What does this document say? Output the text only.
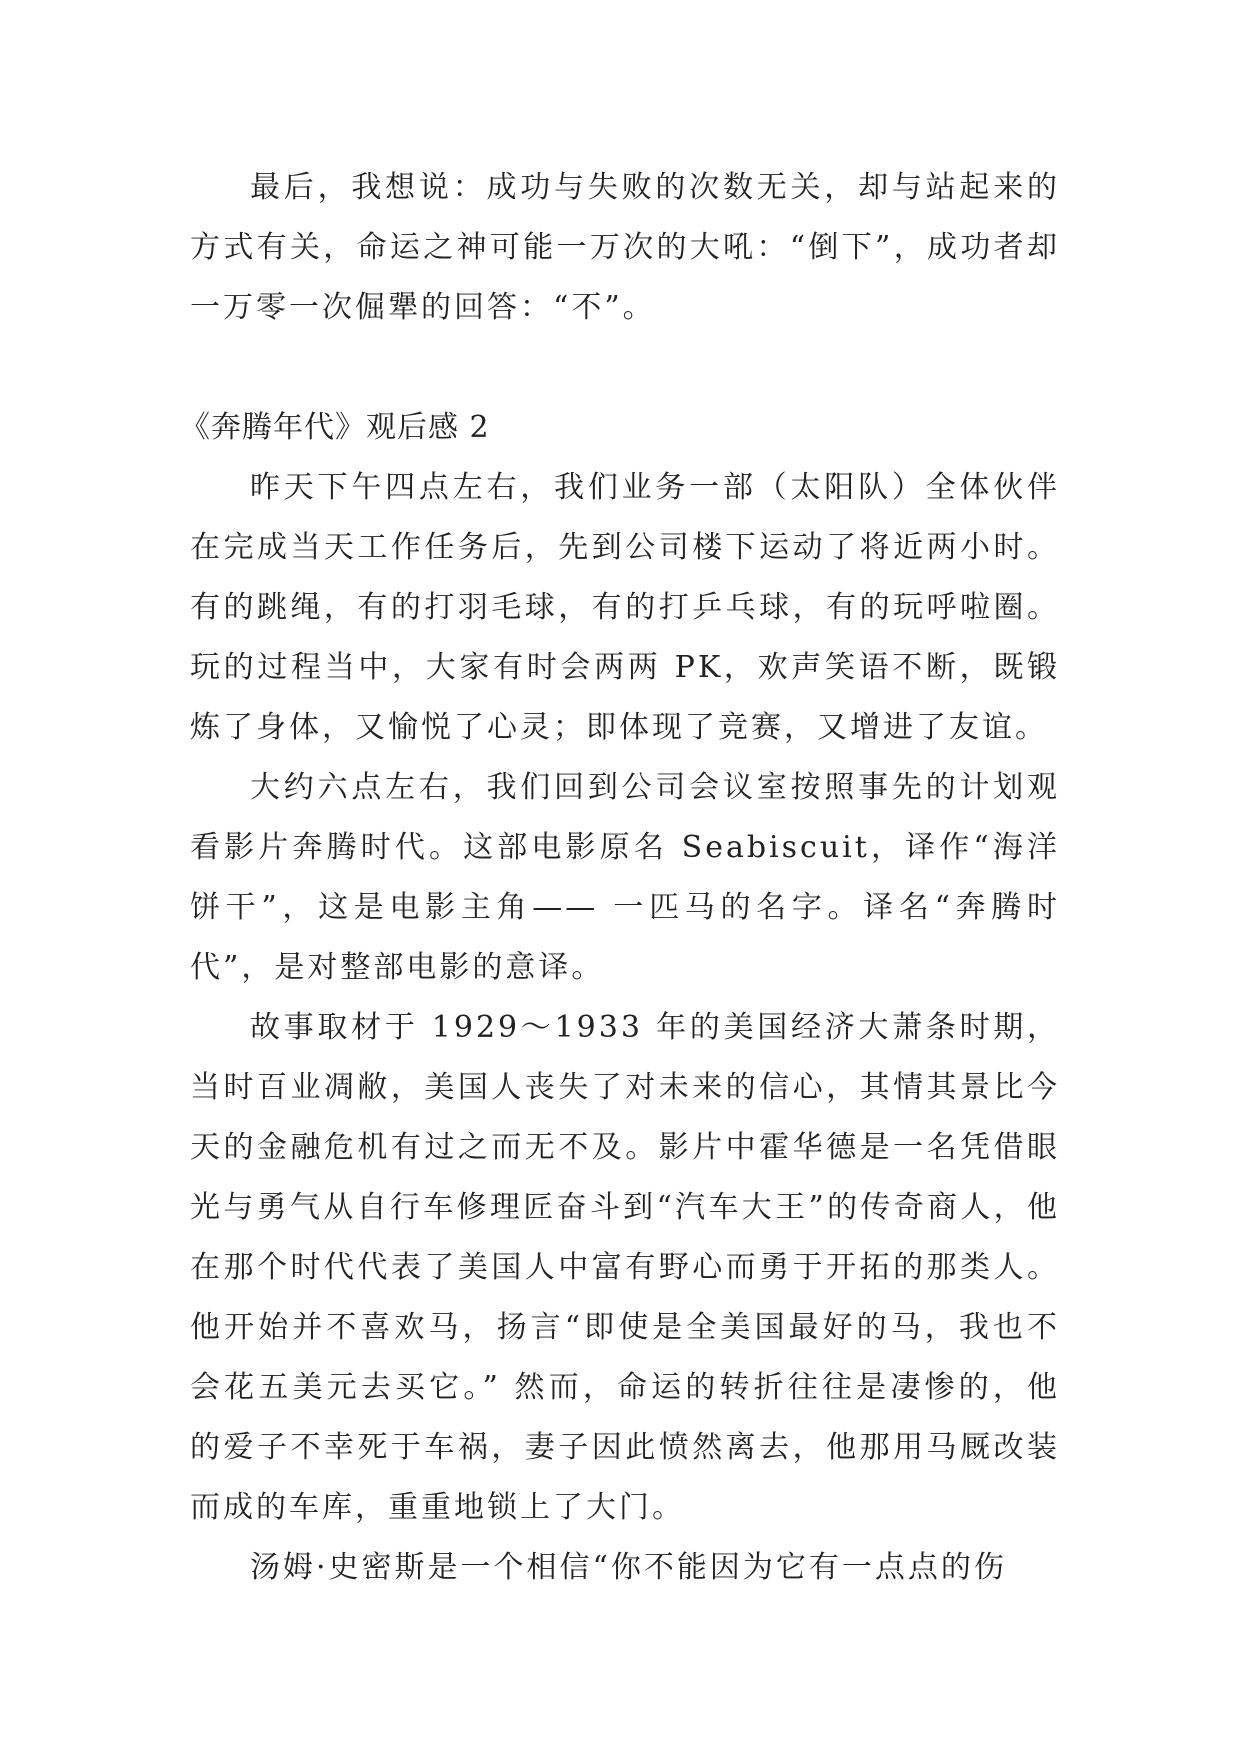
最后，我想说：成功与失败的次数无关，却与站起来的方式有关，命运之神可能一万次的大吼：“倒下”，成功者却一万零一次倔犟的回答：“不”。

《奔腾年代》观后感 2

昨天下午四点左右，我们业务一部（太阳队）全体伙伴在完成当天工作任务后，先到公司楼下运动了将近两小时。有的跳绳，有的打羽毛球，有的打乒乓球，有的玩呼啦圈。玩的过程当中，大家有时会两两 PK，欢声笑语不断，既锻炼了身体，又愉悦了心灵；即体现了竞赛，又增进了友谊。

大约六点左右，我们回到公司会议室按照事先的计划观看影片奔腾时代。这部电影原名 Seabiscuit，译作“海洋饼干”，这是电影主角—— 一匹马的名字。译名“奔腾时代”，是对整部电影的意译。

故事取材于 1929～1933 年的美国经济大萧条时期，当时百业凋敝，美国人丧失了对未来的信心，其情其景比今天的金融危机有过之而无不及。影片中霍华德是一名凭借眼光与勇气从自行车修理匠奋斗到“汽车大王”的传奇商人，他在那个时代代表了美国人中富有野心而勇于开拓的那类人。他开始并不喜欢马，扬言“即使是全美国最好的马，我也不会花五美元去买它。” 然而，命运的转折往往是凄惨的，他的爱子不幸死于车祸，妻子因此愤然离去，他那用马厩改装而成的车库，重重地锁上了大门。

汤姆·史密斯是一个相信“你不能因为它有一点点的伤
